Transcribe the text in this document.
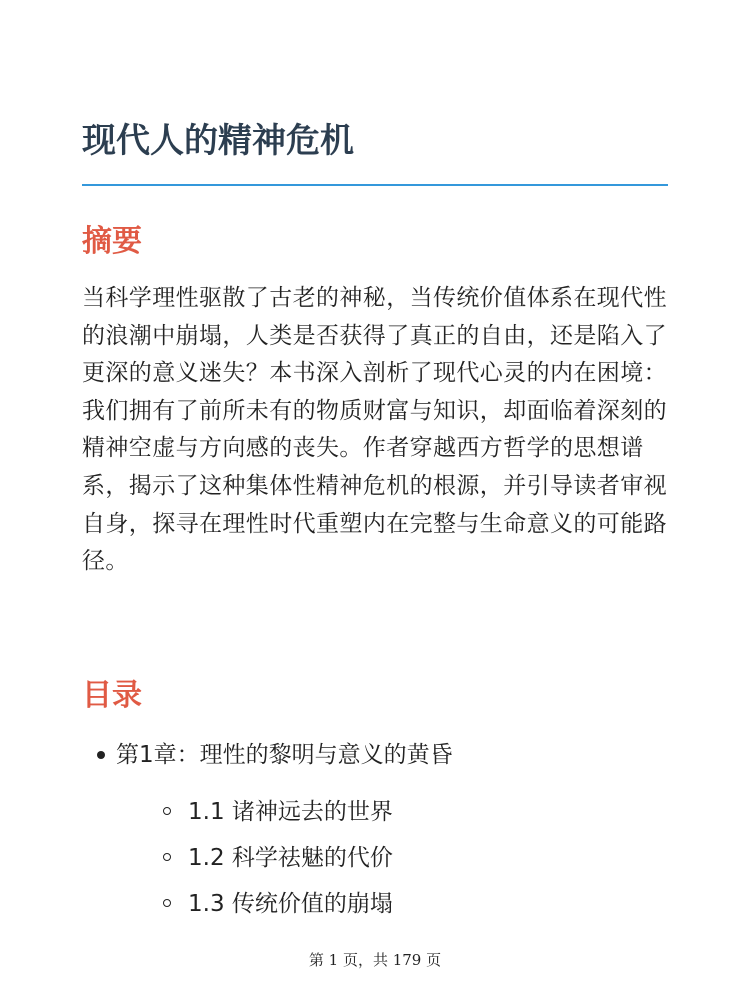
现代人的精神危机
摘要

当科学理性驱散了古老的神秘，当传统价值体系在现代性的浪潮中崩塌，人类是否获得了真正的自由，还是陷入了更深的意义迷失？本书深入剖析了现代心灵的内在困境：我们拥有了前所未有的物质财富与知识，却面临着深刻的精神空虚与方向感的丧失。作者穿越西方哲学的思想谱系，揭示了这种集体性精神危机的根源，并引导读者审视自身，探寻在理性时代重塑内在完整与生命意义的可能路径。

目录
第1章：理性的黎明与意义的黄昏
1.1 诸神远去的世界
1.2 科学祛魅的代价
1.3 传统价值的崩塌
第 1 页，共 179 页
